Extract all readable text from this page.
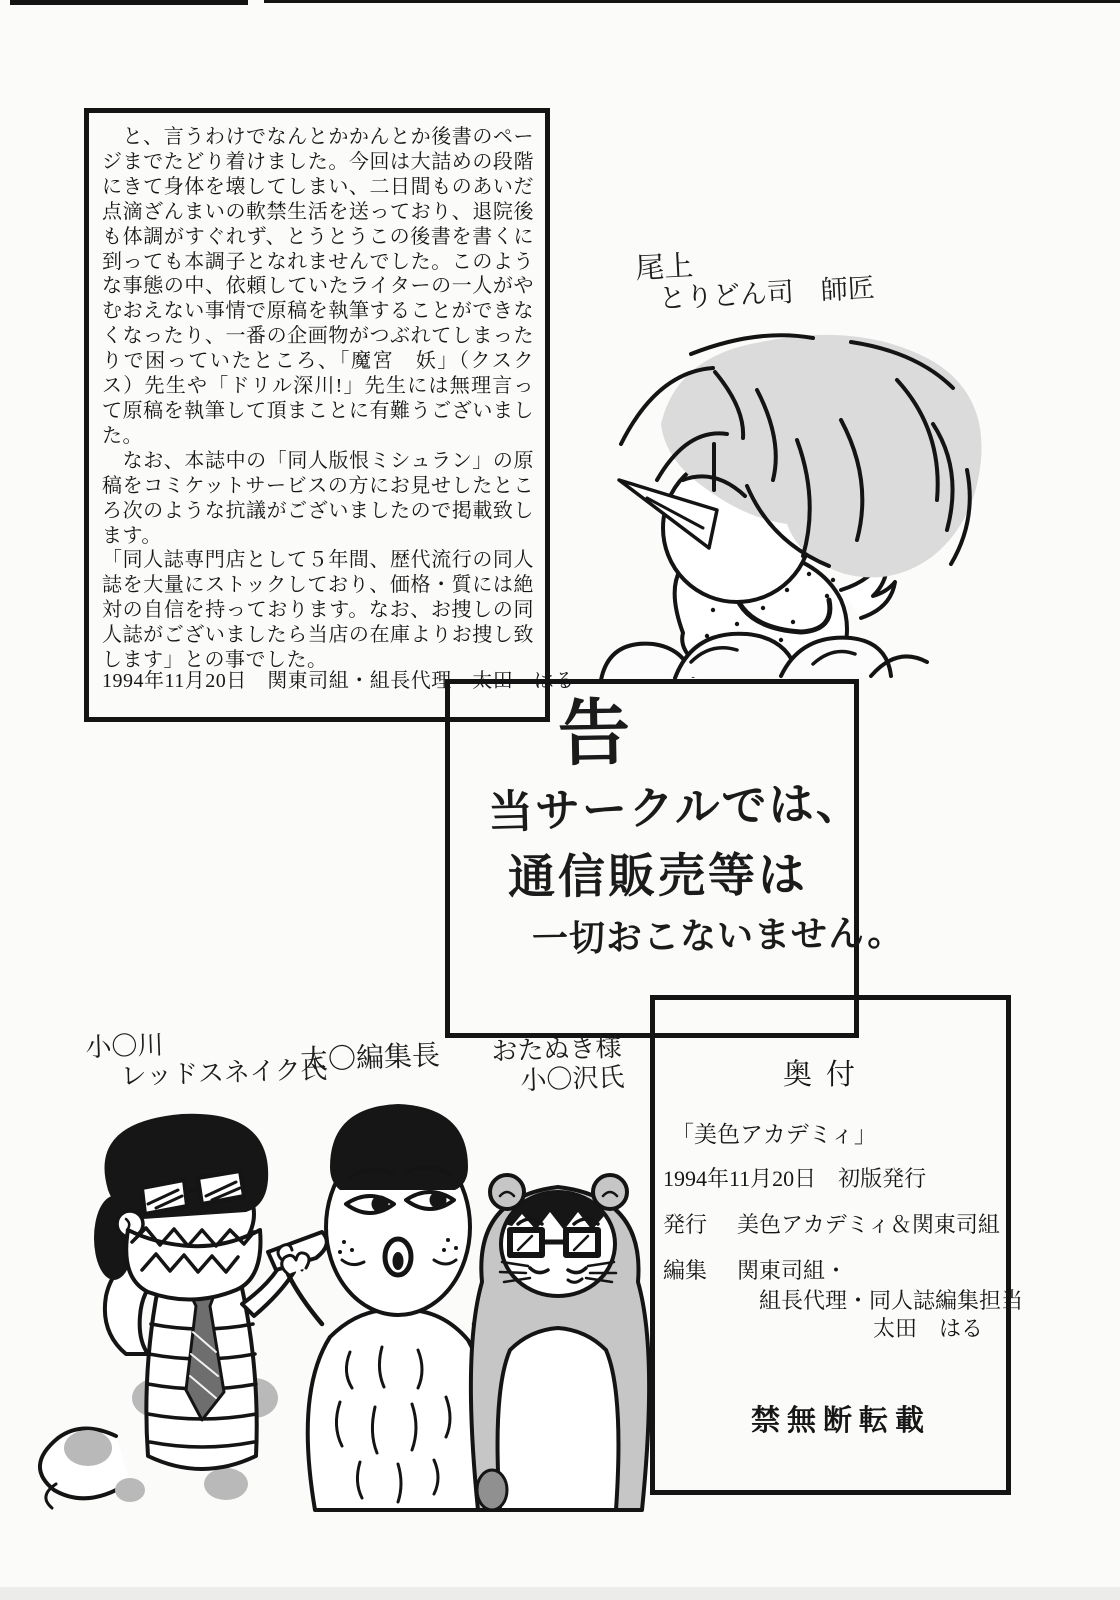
　と、言うわけでなんとかかんとか後書のページまでたどり着けました。今回は大詰めの段階にきて身体を壊してしまい、二日間ものあいだ点滴ざんまいの軟禁生活を送っており、退院後も体調がすぐれず、とうとうこの後書を書くに到っても本調子となれませんでした。このような事態の中、依頼していたライターの一人がやむおえない事情で原稿を執筆することができなくなったり、一番の企画物がつぶれてしまったりで困っていたところ、「魔宮　妖」（クスクス）先生や「ドリル深川!」先生には無理言って原稿を執筆して頂まことに有難うございました。

　なお、本誌中の「同人版恨ミシュラン」の原稿をコミケットサービスの方にお見せしたところ次のような抗議がございましたので掲載致します。

「同人誌専門店として５年間、歴代流行の同人誌を大量にストックしており、価格・質には絶対の自信を持っております。なお、お捜しの同人誌がございましたら当店の在庫よりお捜し致します」との事でした。

1994年11月20日　関東司組・組長代理　太田　はる
尾上
とりどん司　師匠
告
当サークルでは、
通信販売等は
一切おこないません。
小〇川
レッドスネイク氏
太〇編集長 おたぬき様
小〇沢氏	奥付
「美色アカデミィ」
1994年11月20日　初版発行
発行 美色アカデミィ＆関東司組
編集 関東司組・
組長代理・同人誌編集担当
太田　はる
禁無断転載
